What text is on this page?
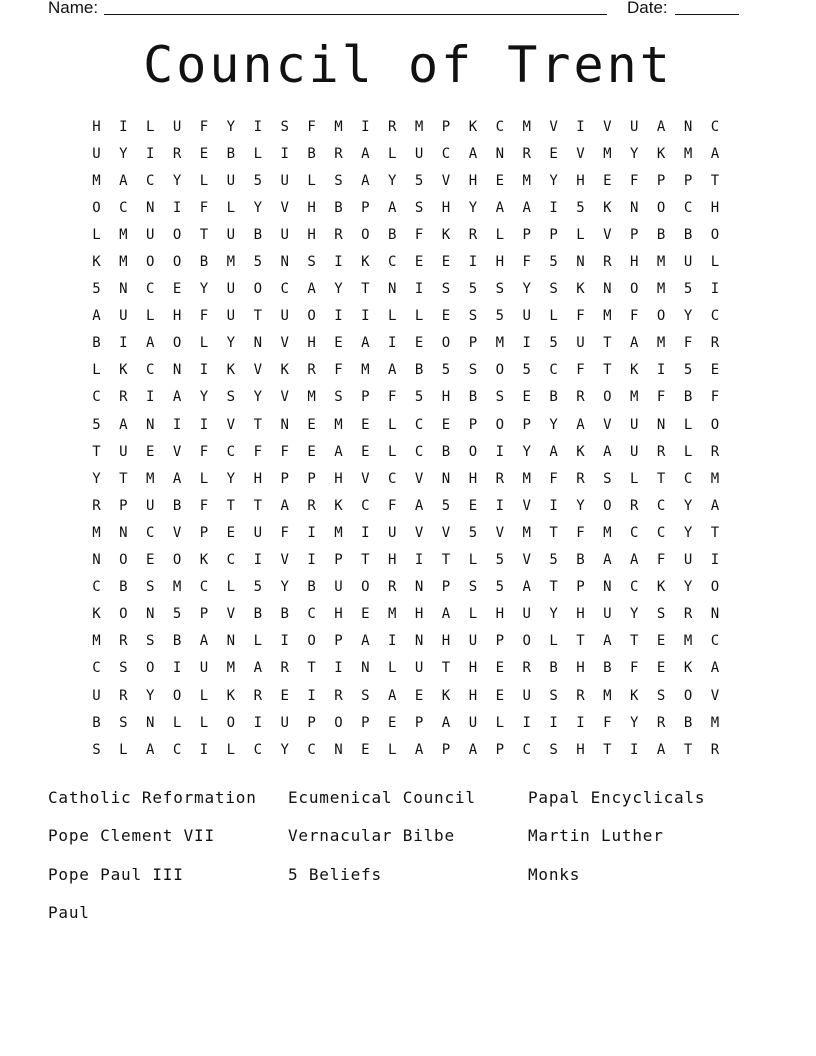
Name:	Date:
Council of Trent
H	I	L	U	F	Y	I	S	F	M	I	R	M	P	K	C	M	V	I	V	U	A	N	C
U	Y	I	R	E	B	L	I	B	R	A	L	U	C	A	N	R	E	V	M	Y	K	M	A
M	A	C	Y	L	U	5	U	L	S	A	Y	5	V	H	E	M	Y	H	E	F	P	P	T
O	C	N	I	F	L	Y	V	H	B	P	A	S	H	Y	A	A	I	5	K	N	O	C	H
L	M	U	O	T	U	B	U	H	R	O	B	F	K	R	L	P	P	L	V	P	B	B	O
K	M	O	O	B	M	5	N	S	I	K	C	E	E	I	H	F	5	N	R	H	M	U	L
5	N	C	E	Y	U	O	C	A	Y	T	N	I	S	5	S	Y	S	K	N	O	M	5	I
A	U	L	H	F	U	T	U	O	I	I	L	L	E	S	5	U	L	F	M	F	O	Y	C
B	I	A	O	L	Y	N	V	H	E	A	I	E	O	P	M	I	5	U	T	A	M	F	R
L	K	C	N	I	K	V	K	R	F	M	A	B	5	S	O	5	C	F	T	K	I	5	E
C	R	I	A	Y	S	Y	V	M	S	P	F	5	H	B	S	E	B	R	O	M	F	B	F
5	A	N	I	I	V	T	N	E	M	E	L	C	E	P	O	P	Y	A	V	U	N	L	O
T	U	E	V	F	C	F	F	E	A	E	L	C	B	O	I	Y	A	K	A	U	R	L	R
Y	T	M	A	L	Y	H	P	P	H	V	C	V	N	H	R	M	F	R	S	L	T	C	M
R	P	U	B	F	T	T	A	R	K	C	F	A	5	E	I	V	I	Y	O	R	C	Y	A
M	N	C	V	P	E	U	F	I	M	I	U	V	V	5	V	M	T	F	M	C	C	Y	T
N	O	E	O	K	C	I	V	I	P	T	H	I	T	L	5	V	5	B	A	A	F	U	I
C	B	S	M	C	L	5	Y	B	U	O	R	N	P	S	5	A	T	P	N	C	K	Y	O
K	O	N	5	P	V	B	B	C	H	E	M	H	A	L	H	U	Y	H	U	Y	S	R	N
M	R	S	B	A	N	L	I	O	P	A	I	N	H	U	P	O	L	T	A	T	E	M	C
C	S	O	I	U	M	A	R	T	I	N	L	U	T	H	E	R	B	H	B	F	E	K	A
U	R	Y	O	L	K	R	E	I	R	S	A	E	K	H	E	U	S	R	M	K	S	O	V
B	S	N	L	L	O	I	U	P	O	P	E	P	A	U	L	I	I	I	F	Y	R	B	M
S	L	A	C	I	L	C	Y	C	N	E	L	A	P	A	P	C	S	H	T	I	A	T	R
Catholic Reformation	Ecumenical Council	Papal Encyclicals
Pope Clement VII	Vernacular Bilbe	Martin Luther
Pope Paul III	5 Beliefs	Monks
Paul
